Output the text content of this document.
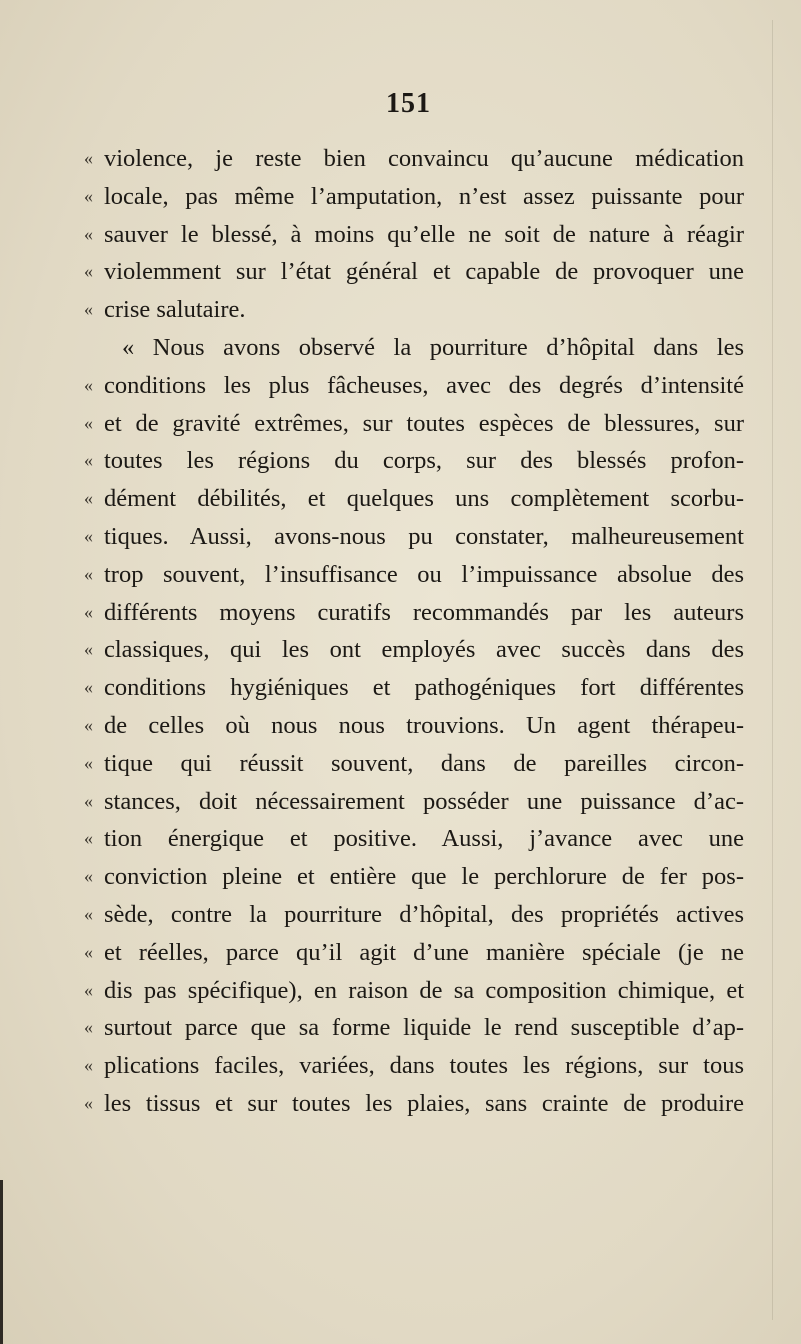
151
« violence, je reste bien convaincu qu’aucune médication
« locale, pas même l’amputation, n’est assez puissante pour
« sauver le blessé, à moins qu’elle ne soit de nature à réagir
« violemment sur l’état général et capable de provoquer une
« crise salutaire.
« Nous avons observé la pourriture d’hôpital dans les
« conditions les plus fâcheuses, avec des degrés d’intensité
« et de gravité extrêmes, sur toutes espèces de blessures, sur
« toutes les régions du corps, sur des blessés profon-
« dément débilités, et quelques uns complètement scorbu-
« tiques. Aussi, avons-nous pu constater, malheureusement
« trop souvent, l’insuffisance ou l’impuissance absolue des
« différents moyens curatifs recommandés par les auteurs
« classiques, qui les ont employés avec succès dans des
« conditions hygiéniques et pathogéniques fort différentes
« de celles où nous nous trouvions. Un agent thérapeu-
« tique qui réussit souvent, dans de pareilles circon-
« stances, doit nécessairement posséder une puissance d’ac-
« tion énergique et positive. Aussi, j’avance avec une
« conviction pleine et entière que le perchlorure de fer pos-
« sède, contre la pourriture d’hôpital, des propriétés actives
« et réelles, parce qu’il agit d’une manière spéciale (je ne
« dis pas spécifique), en raison de sa composition chimique, et
« surtout parce que sa forme liquide le rend susceptible d’ap-
« plications faciles, variées, dans toutes les régions, sur tous
« les tissus et sur toutes les plaies, sans crainte de produire
